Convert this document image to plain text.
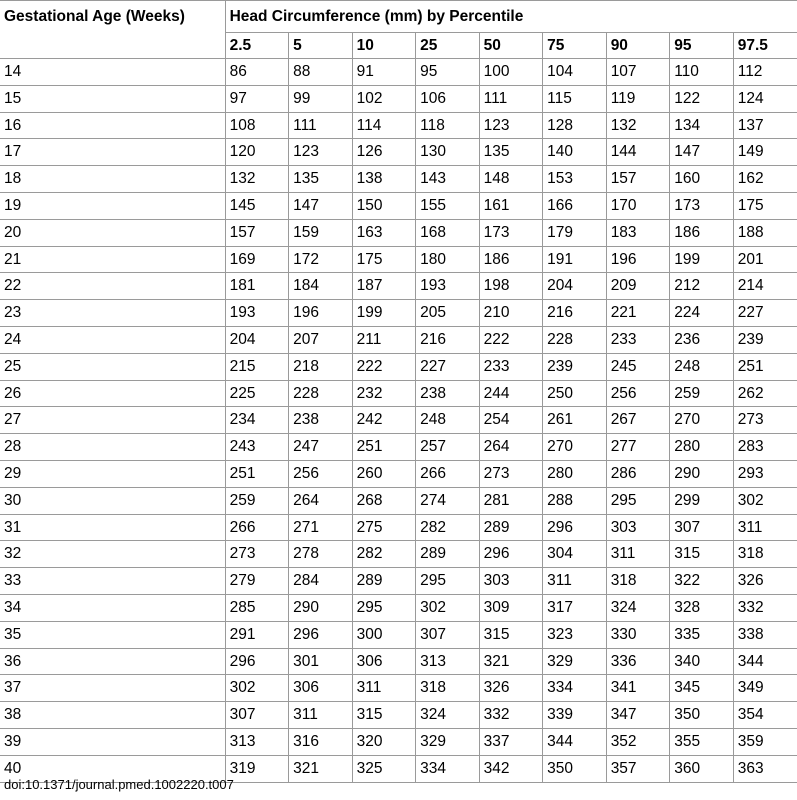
Gestational Age (Weeks)	Head Circumference (mm) by Percentile								
	2.5	5	10	25	50	75	90	95	97.5
14	86	88	91	95	100	104	107	110	112
15	97	99	102	106	111	115	119	122	124
16	108	111	114	118	123	128	132	134	137
17	120	123	126	130	135	140	144	147	149
18	132	135	138	143	148	153	157	160	162
19	145	147	150	155	161	166	170	173	175
20	157	159	163	168	173	179	183	186	188
21	169	172	175	180	186	191	196	199	201
22	181	184	187	193	198	204	209	212	214
23	193	196	199	205	210	216	221	224	227
24	204	207	211	216	222	228	233	236	239
25	215	218	222	227	233	239	245	248	251
26	225	228	232	238	244	250	256	259	262
27	234	238	242	248	254	261	267	270	273
28	243	247	251	257	264	270	277	280	283
29	251	256	260	266	273	280	286	290	293
30	259	264	268	274	281	288	295	299	302
31	266	271	275	282	289	296	303	307	311
32	273	278	282	289	296	304	311	315	318
33	279	284	289	295	303	311	318	322	326
34	285	290	295	302	309	317	324	328	332
35	291	296	300	307	315	323	330	335	338
36	296	301	306	313	321	329	336	340	344
37	302	306	311	318	326	334	341	345	349
38	307	311	315	324	332	339	347	350	354
39	313	316	320	329	337	344	352	355	359
40	319	321	325	334	342	350	357	360	363
doi:10.1371/journal.pmed.1002220.t007
